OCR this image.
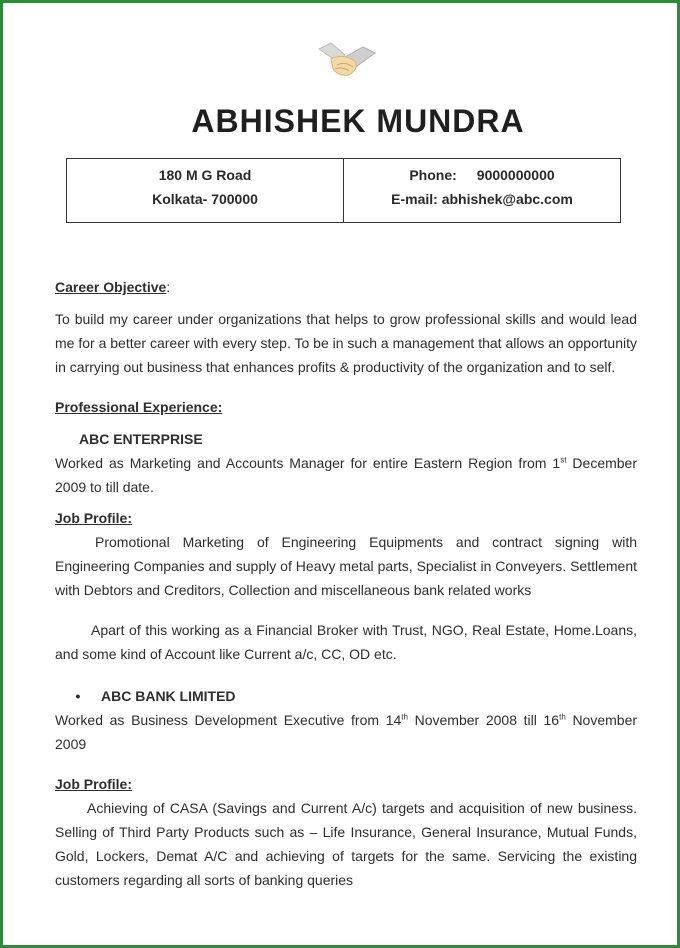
ABHISHEK MUNDRA
180 M G Road
Kolkata- 700000
Phone: 9000000000
E-mail: abhishek@abc.com
Career Objective:
To build my career under organizations that helps to grow professional skills and would lead me for a better career with every step. To be in such a management that allows an opportunity in carrying out business that enhances profits & productivity of the organization and to self.
Professional Experience:
ABC ENTERPRISE
Worked as Marketing and Accounts Manager for entire Eastern Region from 1st December 2009 to till date.
Job Profile:
Promotional Marketing of Engineering Equipments and contract signing with Engineering Companies and supply of Heavy metal parts, Specialist in Conveyers. Settlement with Debtors and Creditors, Collection and miscellaneous bank related works
Apart of this working as a Financial Broker with Trust, NGO, Real Estate, Home.Loans, and some kind of Account like Current a/c, CC, OD etc.
• ABC BANK LIMITED
Worked as Business Development Executive from 14th November 2008 till 16th November 2009
Job Profile:
Achieving of CASA (Savings and Current A/c) targets and acquisition of new business. Selling of Third Party Products such as – Life Insurance, General Insurance, Mutual Funds, Gold, Lockers, Demat A/C and achieving of targets for the same. Servicing the existing customers regarding all sorts of banking queries
